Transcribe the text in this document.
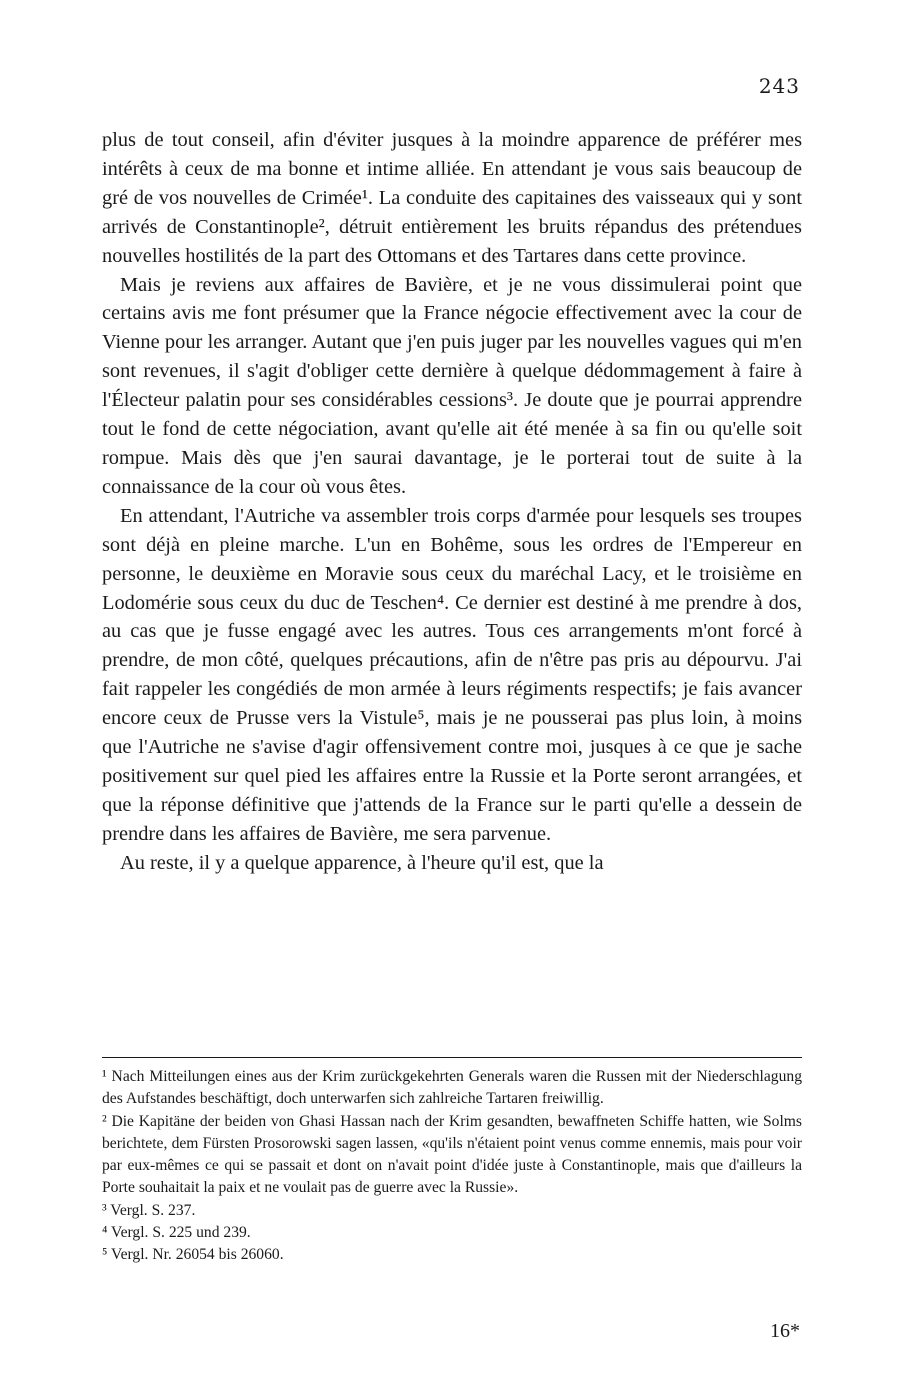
243

plus de tout conseil, afin d'éviter jusques à la moindre apparence de préférer mes intérêts à ceux de ma bonne et intime alliée. En attendant je vous sais beaucoup de gré de vos nouvelles de Crimée¹. La conduite des capitaines des vaisseaux qui y sont arrivés de Constantinople², détruit entièrement les bruits répandus des prétendues nouvelles hostilités de la part des Ottomans et des Tartares dans cette province.

Mais je reviens aux affaires de Bavière, et je ne vous dissimulerai point que certains avis me font présumer que la France négocie effectivement avec la cour de Vienne pour les arranger. Autant que j'en puis juger par les nouvelles vagues qui m'en sont revenues, il s'agit d'obliger cette dernière à quelque dédommagement à faire à l'Électeur palatin pour ses considérables cessions³. Je doute que je pourrai apprendre tout le fond de cette négociation, avant qu'elle ait été menée à sa fin ou qu'elle soit rompue. Mais dès que j'en saurai davantage, je le porterai tout de suite à la connaissance de la cour où vous êtes.

En attendant, l'Autriche va assembler trois corps d'armée pour lesquels ses troupes sont déjà en pleine marche. L'un en Bohême, sous les ordres de l'Empereur en personne, le deuxième en Moravie sous ceux du maréchal Lacy, et le troisième en Lodomérie sous ceux du duc de Teschen⁴. Ce dernier est destiné à me prendre à dos, au cas que je fusse engagé avec les autres. Tous ces arrangements m'ont forcé à prendre, de mon côté, quelques précautions, afin de n'être pas pris au dépourvu. J'ai fait rappeler les congédiés de mon armée à leurs régiments respectifs; je fais avancer encore ceux de Prusse vers la Vistule⁵, mais je ne pousserai pas plus loin, à moins que l'Autriche ne s'avise d'agir offensivement contre moi, jusques à ce que je sache positivement sur quel pied les affaires entre la Russie et la Porte seront arrangées, et que la réponse définitive que j'attends de la France sur le parti qu'elle a dessein de prendre dans les affaires de Bavière, me sera parvenue.

Au reste, il y a quelque apparence, à l'heure qu'il est, que la

¹ Nach Mitteilungen eines aus der Krim zurückgekehrten Generals waren die Russen mit der Niederschlagung des Aufstandes beschäftigt, doch unterwarfen sich zahlreiche Tartaren freiwillig.

² Die Kapitäne der beiden von Ghasi Hassan nach der Krim gesandten, bewaffneten Schiffe hatten, wie Solms berichtete, dem Fürsten Prosorowski sagen lassen, «qu'ils n'étaient point venus comme ennemis, mais pour voir par eux-mêmes ce qui se passait et dont on n'avait point d'idée juste à Constantinople, mais que d'ailleurs la Porte souhaitait la paix et ne voulait pas de guerre avec la Russie».

³ Vergl. S. 237.

⁴ Vergl. S. 225 und 239.

⁵ Vergl. Nr. 26054 bis 26060.

16*
